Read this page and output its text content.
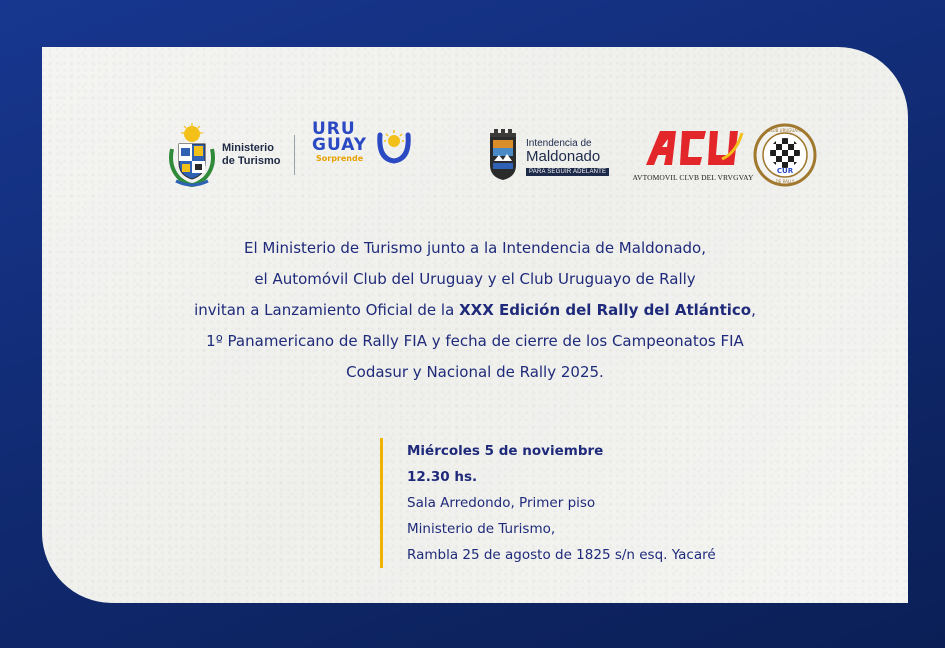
Ministerio
de Turismo
URU
GUAY
Sorprende
Intendencia de
Maldonado
PARA SEGUIR ADELANTE
AVTOMOVIL CLVB DEL VRVGVAY
CUR
CLUB URUGUAYO
DE RALLY
El Ministerio de Turismo junto a la Intendencia de Maldonado,
el Automóvil Club del Uruguay y el Club Uruguayo de Rally
invitan a Lanzamiento Oficial de la XXX Edición del Rally del Atlántico,
1º Panamericano de Rally FIA y fecha de cierre de los Campeonatos FIA
Codasur y Nacional de Rally 2025.
Miércoles 5 de noviembre
12.30 hs.
Sala Arredondo, Primer piso
Ministerio de Turismo,
Rambla 25 de agosto de 1825 s/n esq. Yacaré
